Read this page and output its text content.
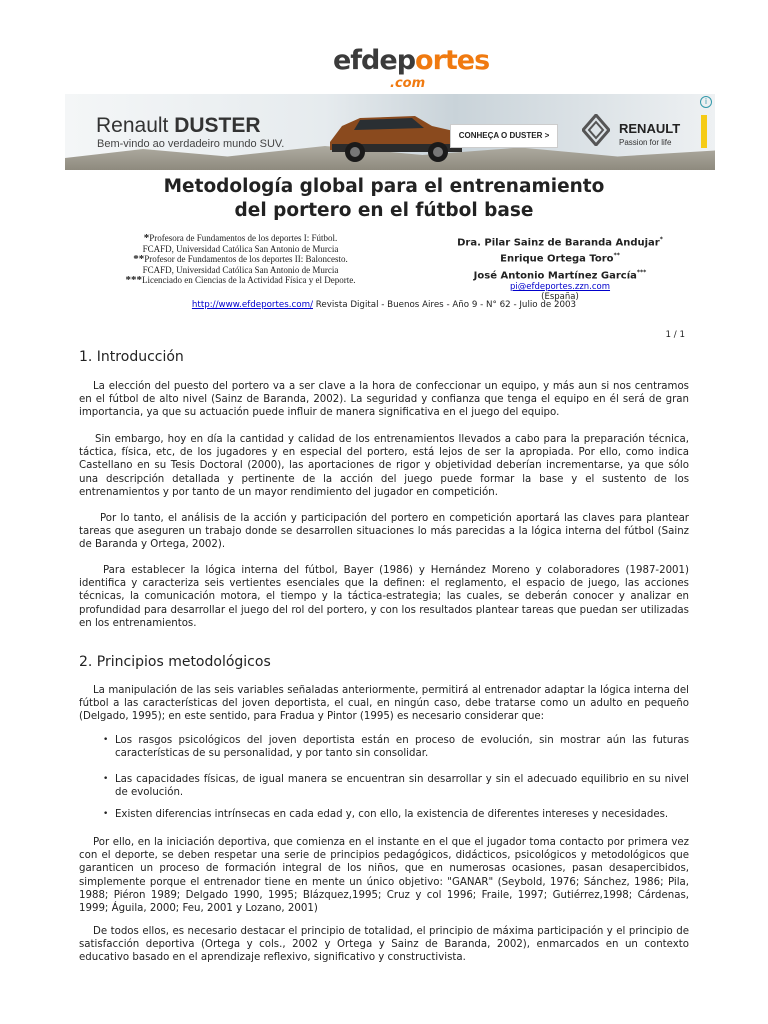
efdeportes
.com
Renault DUSTER
Bem-vindo ao verdadeiro mundo SUV.
CONHEÇA O DUSTER >	RENAULT
Passion for life
i
Metodología global para el entrenamiento
del portero en el fútbol base
*Profesora de Fundamentos de los deportes I: Fútbol.
FCAFD, Universidad Católica San Antonio de Murcia
**Profesor de Fundamentos de los deportes II: Baloncesto.
FCAFD, Universidad Católica San Antonio de Murcia
***Licenciado en Ciencias de la Actividad Física y el Deporte.
Dra. Pilar Sainz de Baranda Andujar*
Enrique Ortega Toro**
José Antonio Martínez García***
pi@efdeportes.zzn.com
(España)
http://www.efdeportes.com/ Revista Digital - Buenos Aires - Año 9 - N° 62 - Julio de 2003
1 / 1
1. Introducción

La elección del puesto del portero va a ser clave a la hora de confeccionar un equipo, y más aun si nos centramos en el fútbol de alto nivel (Sainz de Baranda, 2002). La seguridad y confianza que tenga el equipo en él será de gran importancia, ya que su actuación puede influir de manera significativa en el juego del equipo.

Sin embargo, hoy en día la cantidad y calidad de los entrenamientos llevados a cabo para la preparación técnica, táctica, física, etc, de los jugadores y en especial del portero, está lejos de ser la apropiada. Por ello, como indica Castellano en su Tesis Doctoral (2000), las aportaciones de rigor y objetividad deberían incrementarse, ya que sólo una descripción detallada y pertinente de la acción del juego puede formar la base y el sustento de los entrenamientos y por tanto de un mayor rendimiento del jugador en competición.

Por lo tanto, el análisis de la acción y participación del portero en competición aportará las claves para plantear tareas que aseguren un trabajo donde se desarrollen situaciones lo más parecidas a la lógica interna del fútbol (Sainz de Baranda y Ortega, 2002).

Para establecer la lógica interna del fútbol, Bayer (1986) y Hernández Moreno y colaboradores (1987-2001) identifica y caracteriza seis vertientes esenciales que la definen: el reglamento, el espacio de juego, las acciones técnicas, la comunicación motora, el tiempo y la táctica-estrategia; las cuales, se deberán conocer y analizar en profundidad para desarrollar el juego del rol del portero, y con los resultados plantear tareas que puedan ser utilizadas en los entrenamientos.

2. Principios metodológicos

La manipulación de las seis variables señaladas anteriormente, permitirá al entrenador adaptar la lógica interna del fútbol a las características del joven deportista, el cual, en ningún caso, debe tratarse como un adulto en pequeño (Delgado, 1995); en este sentido, para Fradua y Pintor (1995) es necesario considerar que:

• Los rasgos psicológicos del joven deportista están en proceso de evolución, sin mostrar aún las futuras características de su personalidad, y por tanto sin consolidar.
• Las capacidades físicas, de igual manera se encuentran sin desarrollar y sin el adecuado equilibrio en su nivel de evolución.
• Existen diferencias intrínsecas en cada edad y, con ello, la existencia de diferentes intereses y necesidades.

Por ello, en la iniciación deportiva, que comienza en el instante en el que el jugador toma contacto por primera vez con el deporte, se deben respetar una serie de principios pedagógicos, didácticos, psicológicos y metodológicos que garanticen un proceso de formación integral de los niños, que en numerosas ocasiones, pasan desapercibidos, simplemente porque el entrenador tiene en mente un único objetivo: "GANAR" (Seybold, 1976; Sánchez, 1986; Pila, 1988; Piéron 1989; Delgado 1990, 1995; Blázquez,1995; Cruz y col 1996; Fraile, 1997; Gutiérrez,1998; Cárdenas, 1999; Águila, 2000; Feu, 2001 y Lozano, 2001)

De todos ellos, es necesario destacar el principio de totalidad, el principio de máxima participación y el principio de satisfacción deportiva (Ortega y cols., 2002 y Ortega y Sainz de Baranda, 2002), enmarcados en un contexto educativo basado en el aprendizaje reflexivo, significativo y constructivista.
